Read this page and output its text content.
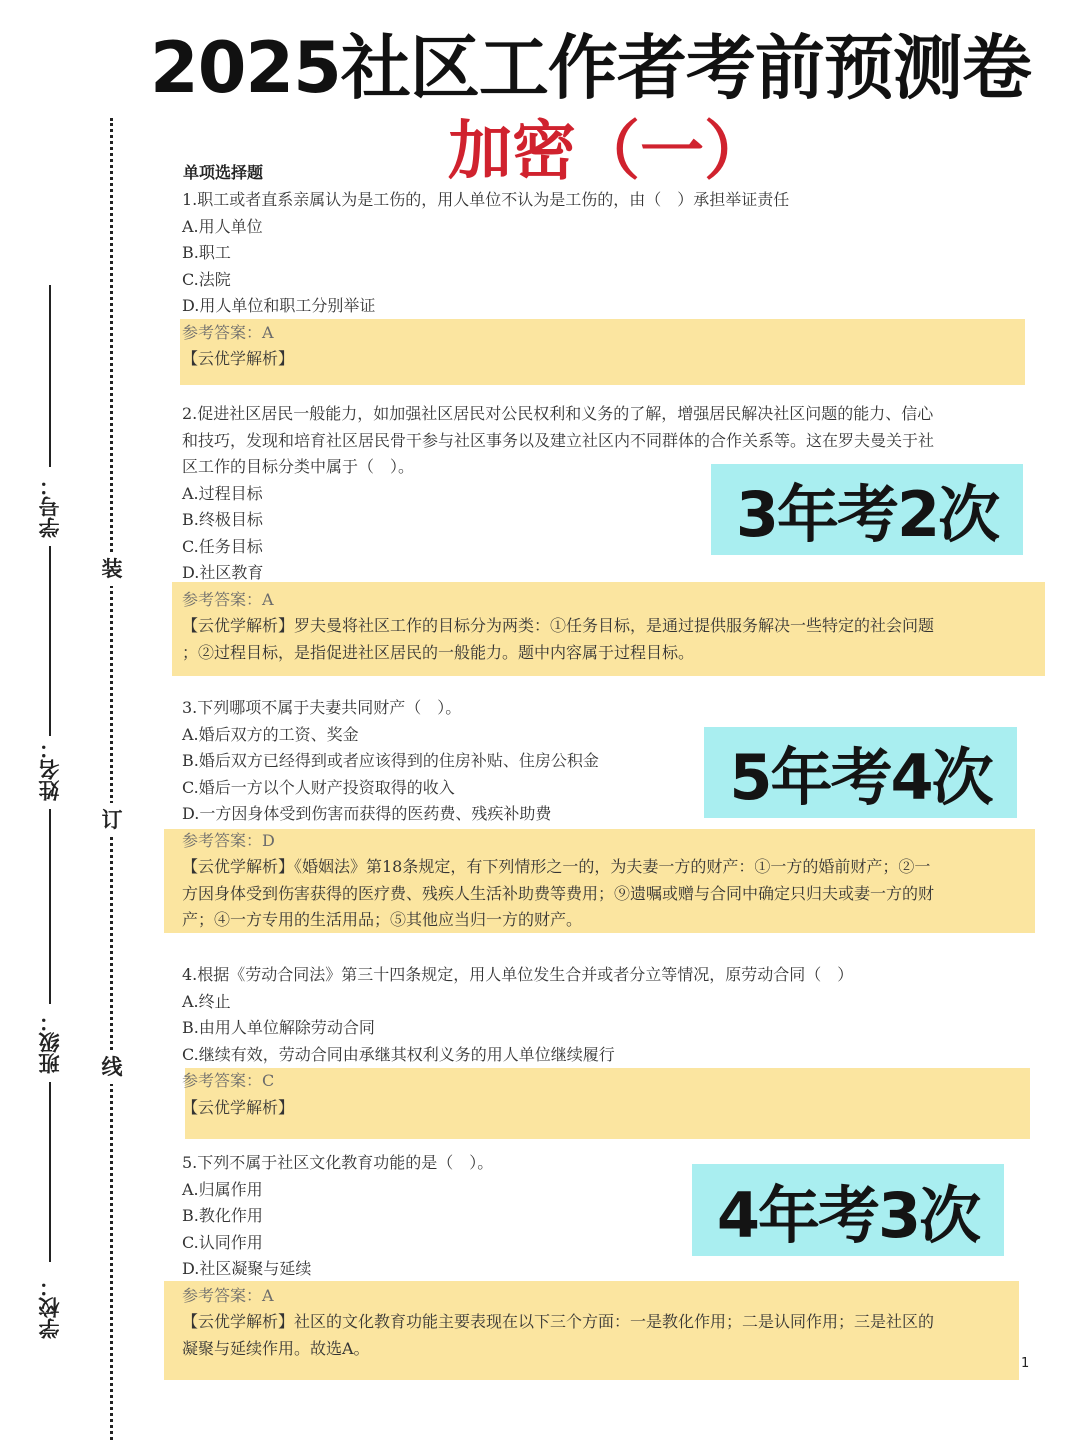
2025社区工作者考前预测卷
加密（一）
装
订
线
学号：
姓名：
班级：
学校：
单项选择题
1.职工或者直系亲属认为是工伤的，用人单位不认为是工伤的，由（　）承担举证责任
A.用人单位
B.职工
C.法院
D.用人单位和职工分别举证
参考答案：A
【云优学解析】
2.促进社区居民一般能力，如加强社区居民对公民权利和义务的了解，增强居民解决社区问题的能力、信心
和技巧，发现和培育社区居民骨干参与社区事务以及建立社区内不同群体的合作关系等。这在罗夫曼关于社
区工作的目标分类中属于（　）。
A.过程目标
B.终极目标
C.任务目标
D.社区教育
参考答案：A
【云优学解析】罗夫曼将社区工作的目标分为两类：①任务目标，是通过提供服务解决一些特定的社会问题
；②过程目标，是指促进社区居民的一般能力。题中内容属于过程目标。
3.下列哪项不属于夫妻共同财产（　）。
A.婚后双方的工资、奖金
B.婚后双方已经得到或者应该得到的住房补贴、住房公积金
C.婚后一方以个人财产投资取得的收入
D.一方因身体受到伤害而获得的医药费、残疾补助费
参考答案：D
【云优学解析】《婚姻法》第18条规定，有下列情形之一的，为夫妻一方的财产：①一方的婚前财产；②一
方因身体受到伤害获得的医疗费、残疾人生活补助费等费用；⑨遗嘱或赠与合同中确定只归夫或妻一方的财
产；④一方专用的生活用品；⑤其他应当归一方的财产。
4.根据《劳动合同法》第三十四条规定，用人单位发生合并或者分立等情况，原劳动合同（　）
A.终止
B.由用人单位解除劳动合同
C.继续有效，劳动合同由承继其权利义务的用人单位继续履行
参考答案：C
【云优学解析】
5.下列不属于社区文化教育功能的是（　）。
A.归属作用
B.教化作用
C.认同作用
D.社区凝聚与延续
参考答案：A
【云优学解析】社区的文化教育功能主要表现在以下三个方面：一是教化作用；二是认同作用；三是社区的
凝聚与延续作用。故选A。
3年考2次
5年考4次
4年考3次
1
